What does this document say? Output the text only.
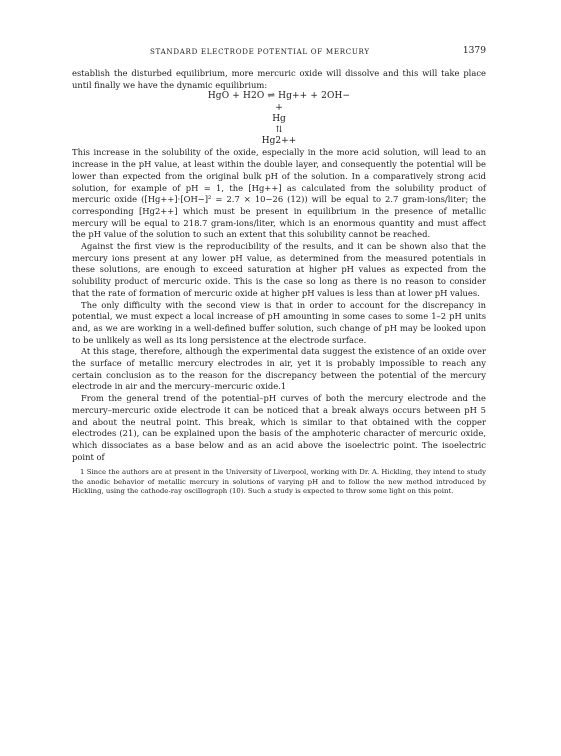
STANDARD ELECTRODE POTENTIAL OF MERCURY	1379

establish the disturbed equilibrium, more mercuric oxide will dissolve and this will take place until finally we have the dynamic equilibrium:

HgO + H2O ⇌ Hg++ + 2OH−
+
Hg
⇅
Hg2++

This increase in the solubility of the oxide, especially in the more acid solution, will lead to an increase in the pH value, at least within the double layer, and consequently the potential will be lower than expected from the original bulk pH of the solution. In a comparatively strong acid solution, for example of pH = 1, the [Hg++] as calculated from the solubility product of mercuric oxide ([Hg++]·[OH−]² = 2.7 × 10−26 (12)) will be equal to 2.7 gram-ions/liter; the corresponding [Hg2++] which must be present in equilibrium in the presence of metallic mercury will be equal to 218.7 gram-ions/liter, which is an enormous quantity and must affect the pH value of the solution to such an extent that this solubility cannot be reached.

Against the first view is the reproducibility of the results, and it can be shown also that the mercury ions present at any lower pH value, as determined from the measured potentials in these solutions, are enough to exceed saturation at higher pH values as expected from the solubility product of mercuric oxide. This is the case so long as there is no reason to consider that the rate of formation of mercuric oxide at higher pH values is less than at lower pH values.

The only difficulty with the second view is that in order to account for the discrepancy in potential, we must expect a local increase of pH amounting in some cases to some 1–2 pH units and, as we are working in a well-defined buffer solution, such change of pH may be looked upon to be unlikely as well as its long persistence at the electrode surface.

At this stage, therefore, although the experimental data suggest the existence of an oxide over the surface of metallic mercury electrodes in air, yet it is probably impossible to reach any certain conclusion as to the reason for the discrepancy between the potential of the mercury electrode in air and the mercury–mercuric oxide.1

From the general trend of the potential–pH curves of both the mercury electrode and the mercury–mercuric oxide electrode it can be noticed that a break always occurs between pH 5 and about the neutral point. This break, which is similar to that obtained with the copper electrodes (21), can be explained upon the basis of the amphoteric character of mercuric oxide, which dissociates as a base below and as an acid above the isoelectric point. The isoelectric point of

1 Since the authors are at present in the University of Liverpool, working with Dr. A. Hickling, they intend to study the anodic behavior of metallic mercury in solutions of varying pH and to follow the new method introduced by Hickling, using the cathode-ray oscillograph (10). Such a study is expected to throw some light on this point.
